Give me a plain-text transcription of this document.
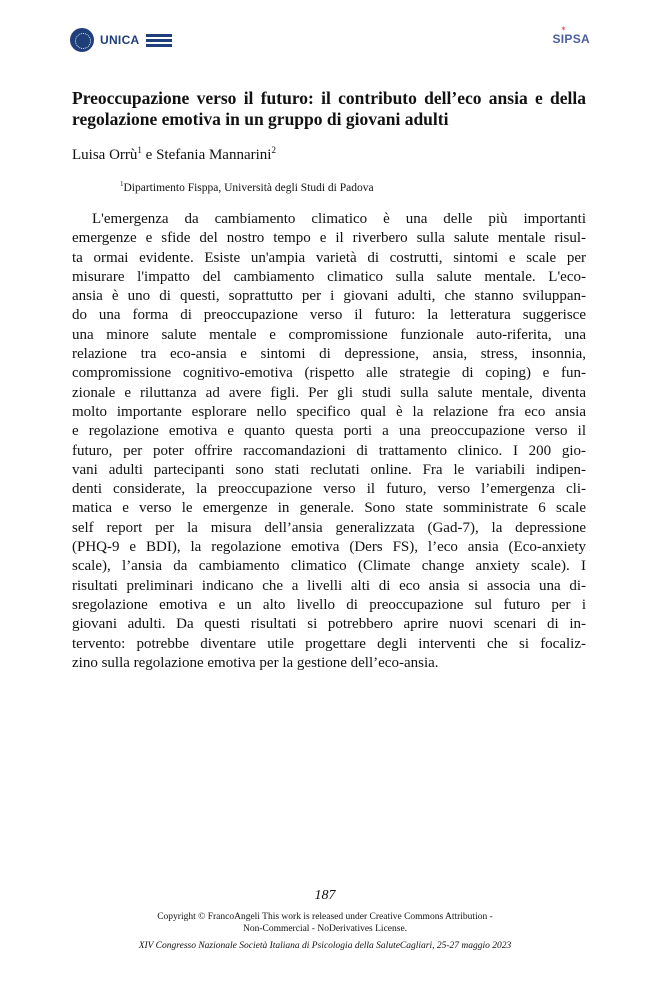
UNICA
✶
SIPSA
Preoccupazione verso il futuro: il contributo dell’eco ansia e della regolazione emotiva in un gruppo di giovani adulti
Luisa Orrù$^1$ e Stefania Mannarini$^2$
$^1$Dipartimento Fisppa, Università degli Studi di Padova
L'emergenza da cambiamento climatico è una delle più importanti
emergenze e sfide del nostro tempo e il riverbero sulla salute mentale risul-
ta ormai evidente. Esiste un'ampia varietà di costrutti, sintomi e scale per
misurare l'impatto del cambiamento climatico sulla salute mentale. L'eco-
ansia è uno di questi, soprattutto per i giovani adulti, che stanno sviluppan-
do una forma di preoccupazione verso il futuro: la letteratura suggerisce
una minore salute mentale e compromissione funzionale auto-riferita, una
relazione tra eco-ansia e sintomi di depressione, ansia, stress, insonnia,
compromissione cognitivo-emotiva (rispetto alle strategie di coping) e fun-
zionale e riluttanza ad avere figli. Per gli studi sulla salute mentale, diventa
molto importante esplorare nello specifico qual è la relazione fra eco ansia
e regolazione emotiva e quanto questa porti a una preoccupazione verso il
futuro, per poter offrire raccomandazioni di trattamento clinico. I 200 gio-
vani adulti partecipanti sono stati reclutati online. Fra le variabili indipen-
denti considerate, la preoccupazione verso il futuro, verso l’emergenza cli-
matica e verso le emergenze in generale. Sono state somministrate 6 scale
self report per la misura dell’ansia generalizzata (Gad-7), la depressione
(PHQ-9 e BDI), la regolazione emotiva (Ders FS), l’eco ansia (Eco-anxiety
scale), l’ansia da cambiamento climatico (Climate change anxiety scale). I
risultati preliminari indicano che a livelli alti di eco ansia si associa una di-
sregolazione emotiva e un alto livello di preoccupazione sul futuro per i
giovani adulti. Da questi risultati si potrebbero aprire nuovi scenari di in-
tervento: potrebbe diventare utile progettare degli interventi che si focaliz-
zino sulla regolazione emotiva per la gestione dell’eco-ansia.
187
Copyright © FrancoAngeli This work is released under Creative Commons Attribution -
Non-Commercial - NoDerivatives License.
XIV Congresso Nazionale Società Italiana di Psicologia della SaluteCagliari, 25-27 maggio 2023
